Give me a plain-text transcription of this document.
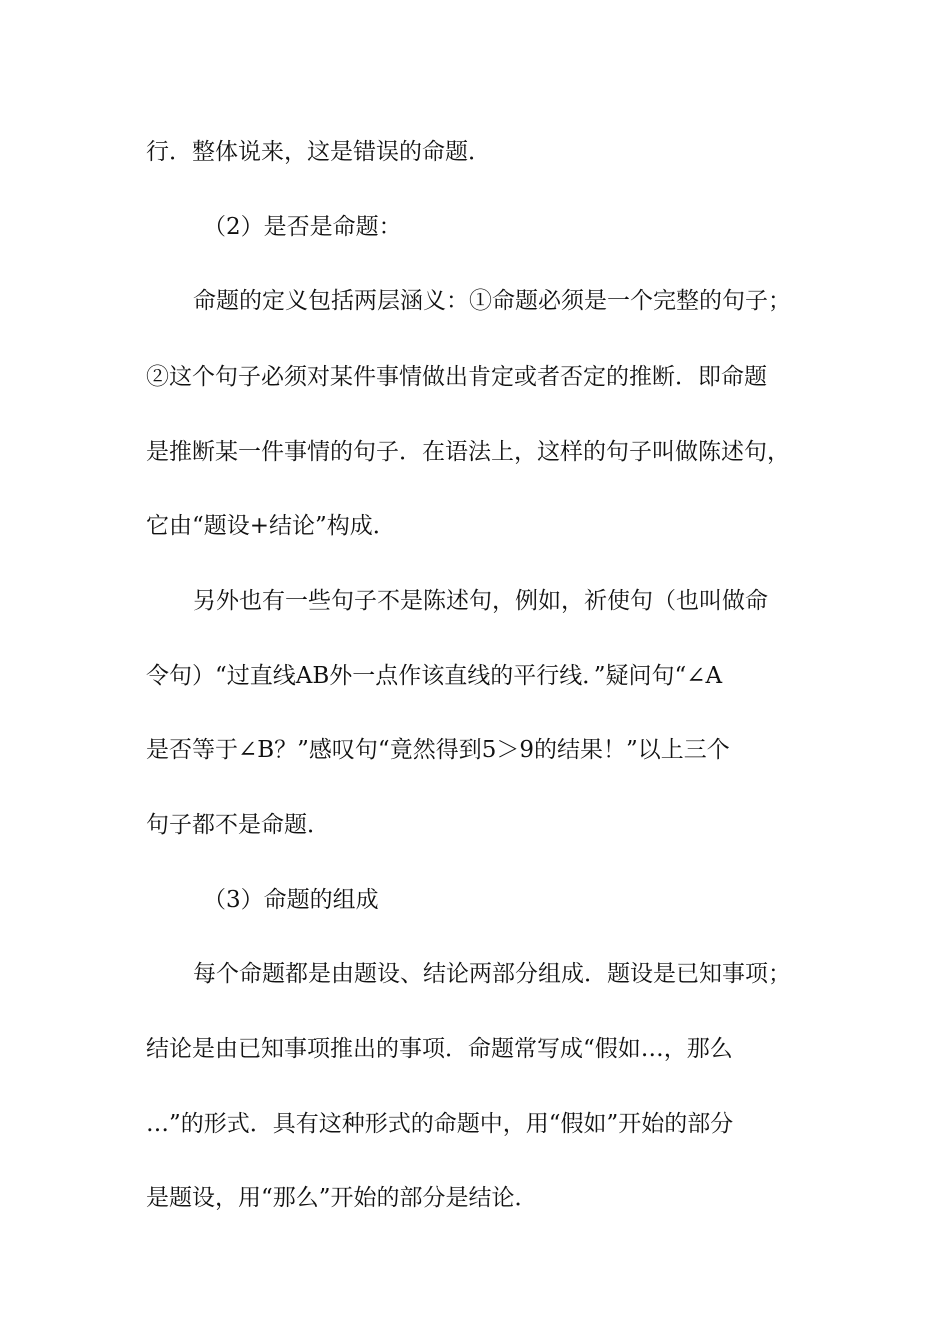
行．整体说来，这是错误的命题．
（2）是否是命题：
命题的定义包括两层涵义：①命题必须是一个完整的句子；
②这个句子必须对某件事情做出肯定或者否定的推断．即命题
是推断某一件事情的句子．在语法上，这样的句子叫做陈述句，
它由“题设+结论”构成．
另外也有一些句子不是陈述句，例如，祈使句（也叫做命
令句）“过直线AB外一点作该直线的平行线．”疑问句“∠A
是否等于∠B？”感叹句“竟然得到5＞9的结果！”以上三个
句子都不是命题．
（3）命题的组成
每个命题都是由题设、结论两部分组成．题设是已知事项；
结论是由已知事项推出的事项．命题常写成“假如…，那么
…”的形式．具有这种形式的命题中，用“假如”开始的部分
是题设，用“那么”开始的部分是结论．
